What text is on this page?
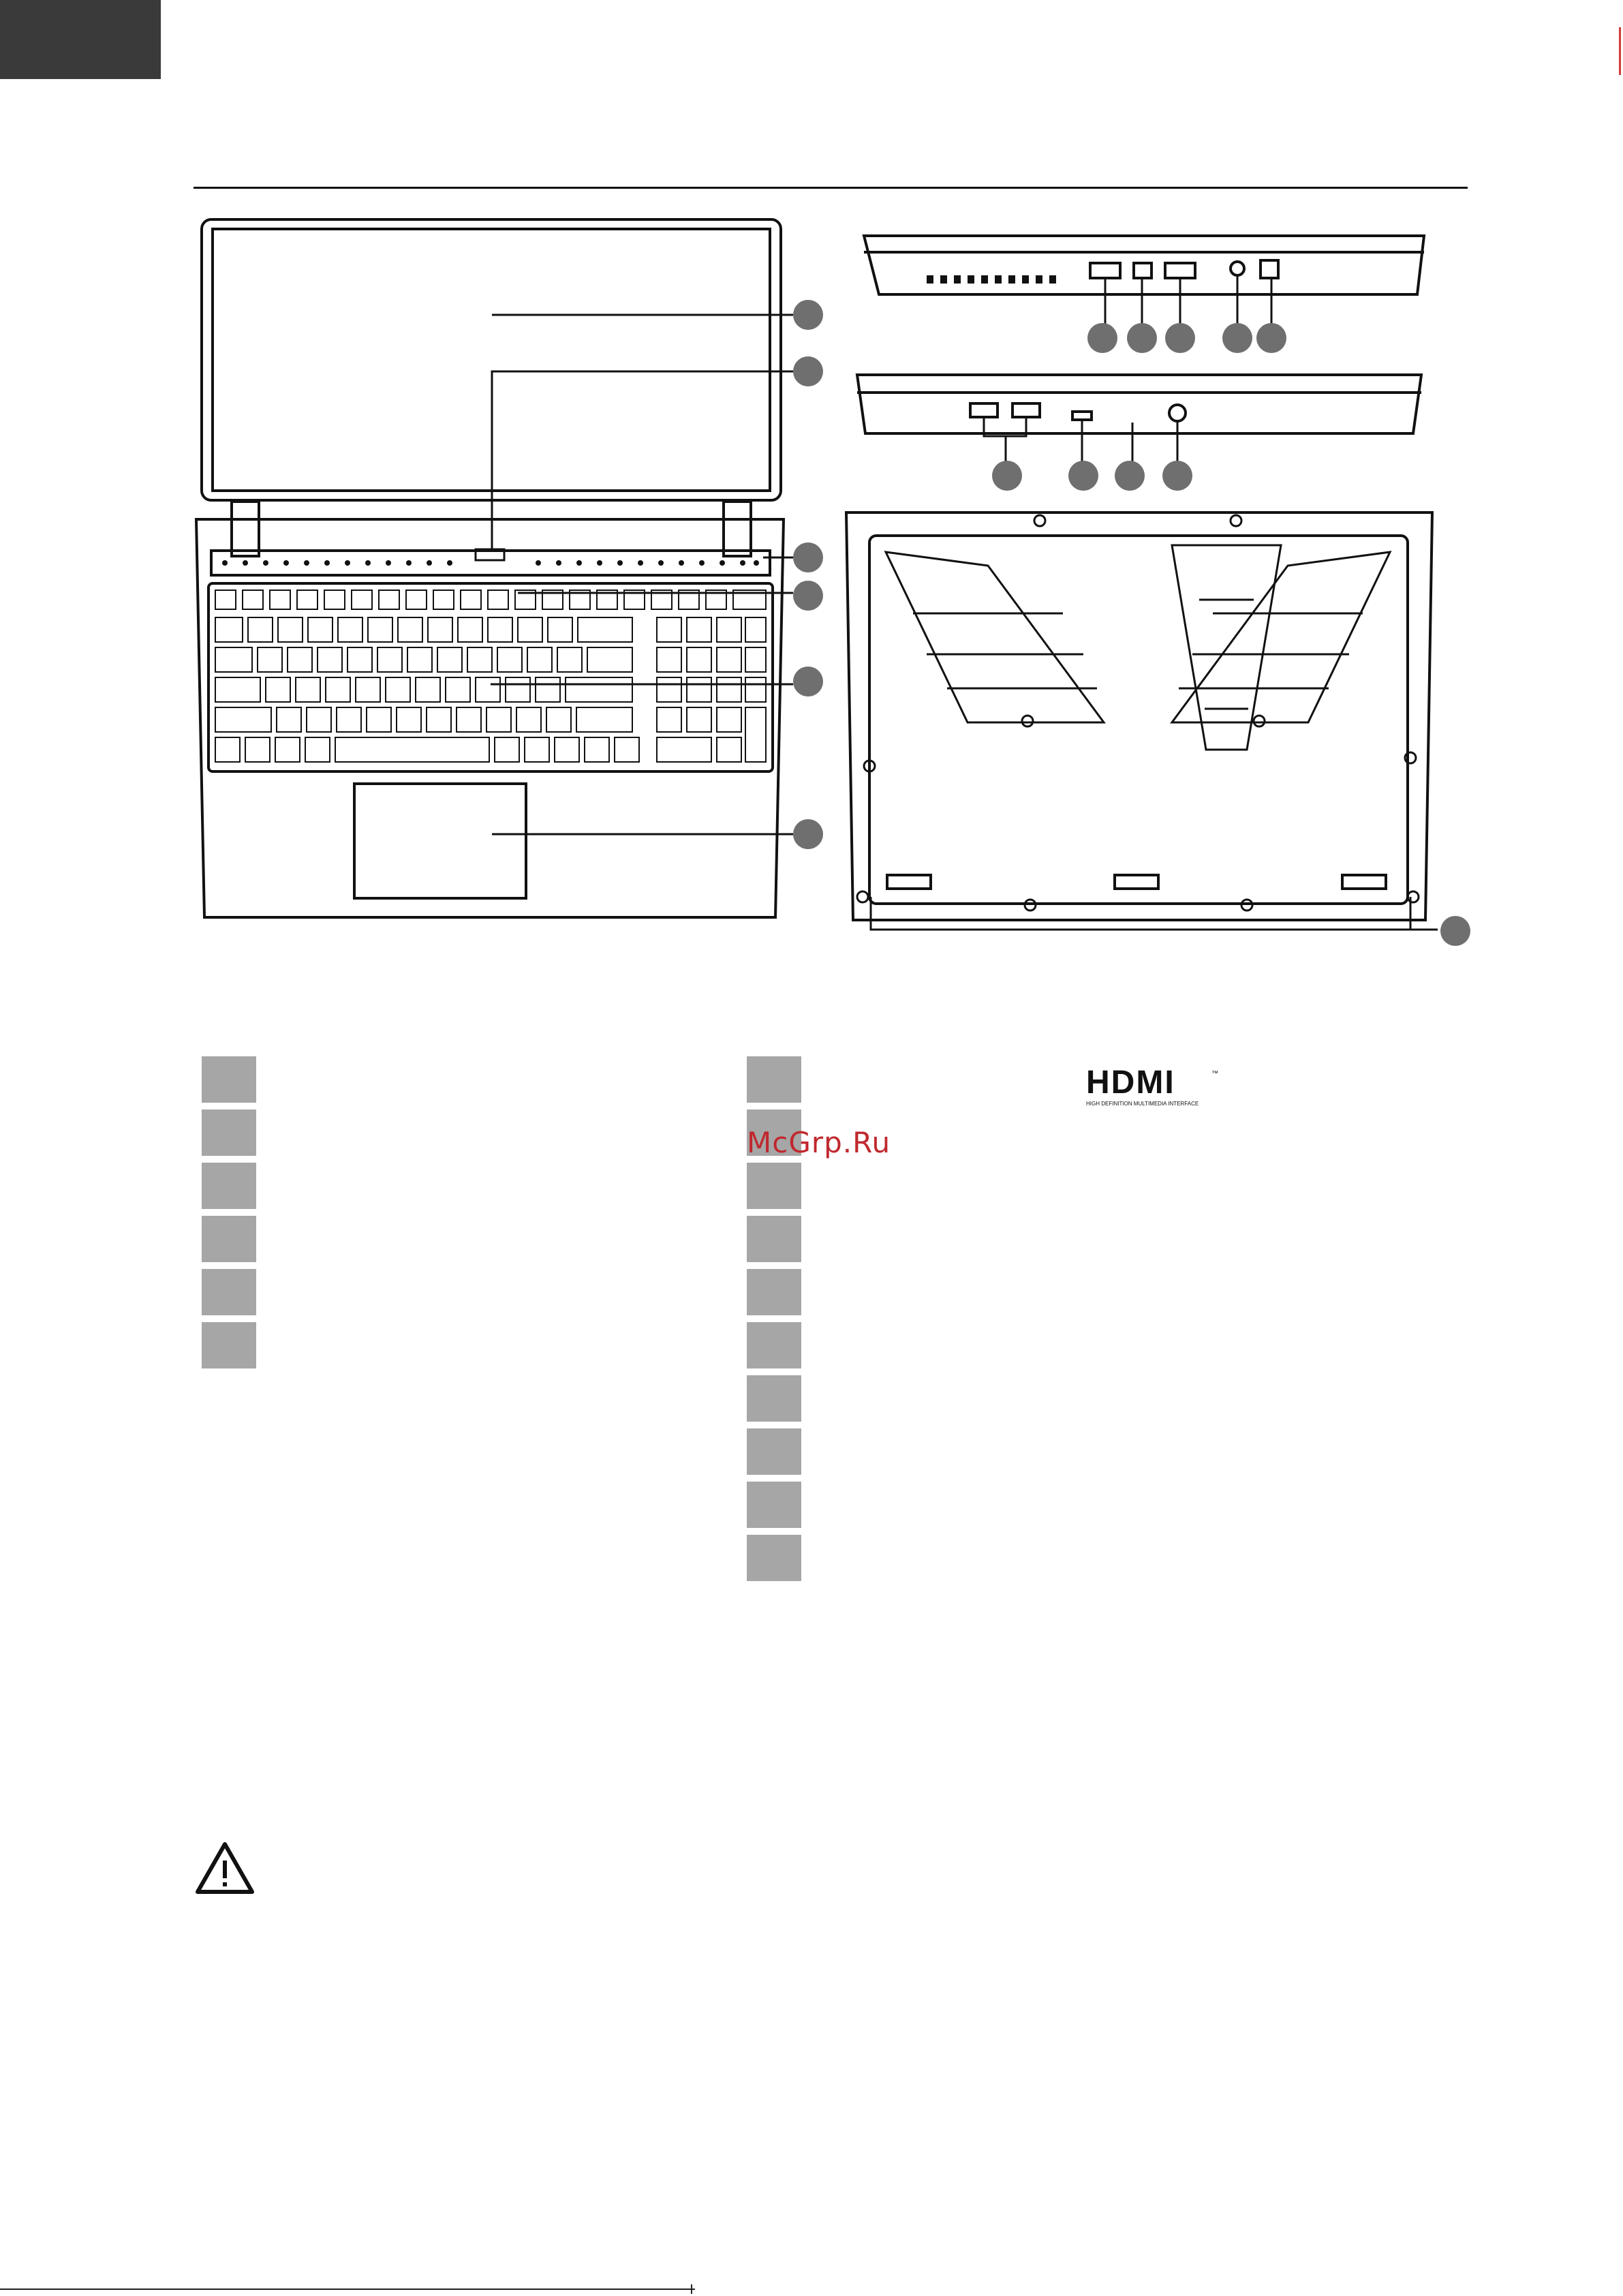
HDMI	™
HIGH DEFINITION MULTIMEDIA INTERFACE
McGrp.Ru
